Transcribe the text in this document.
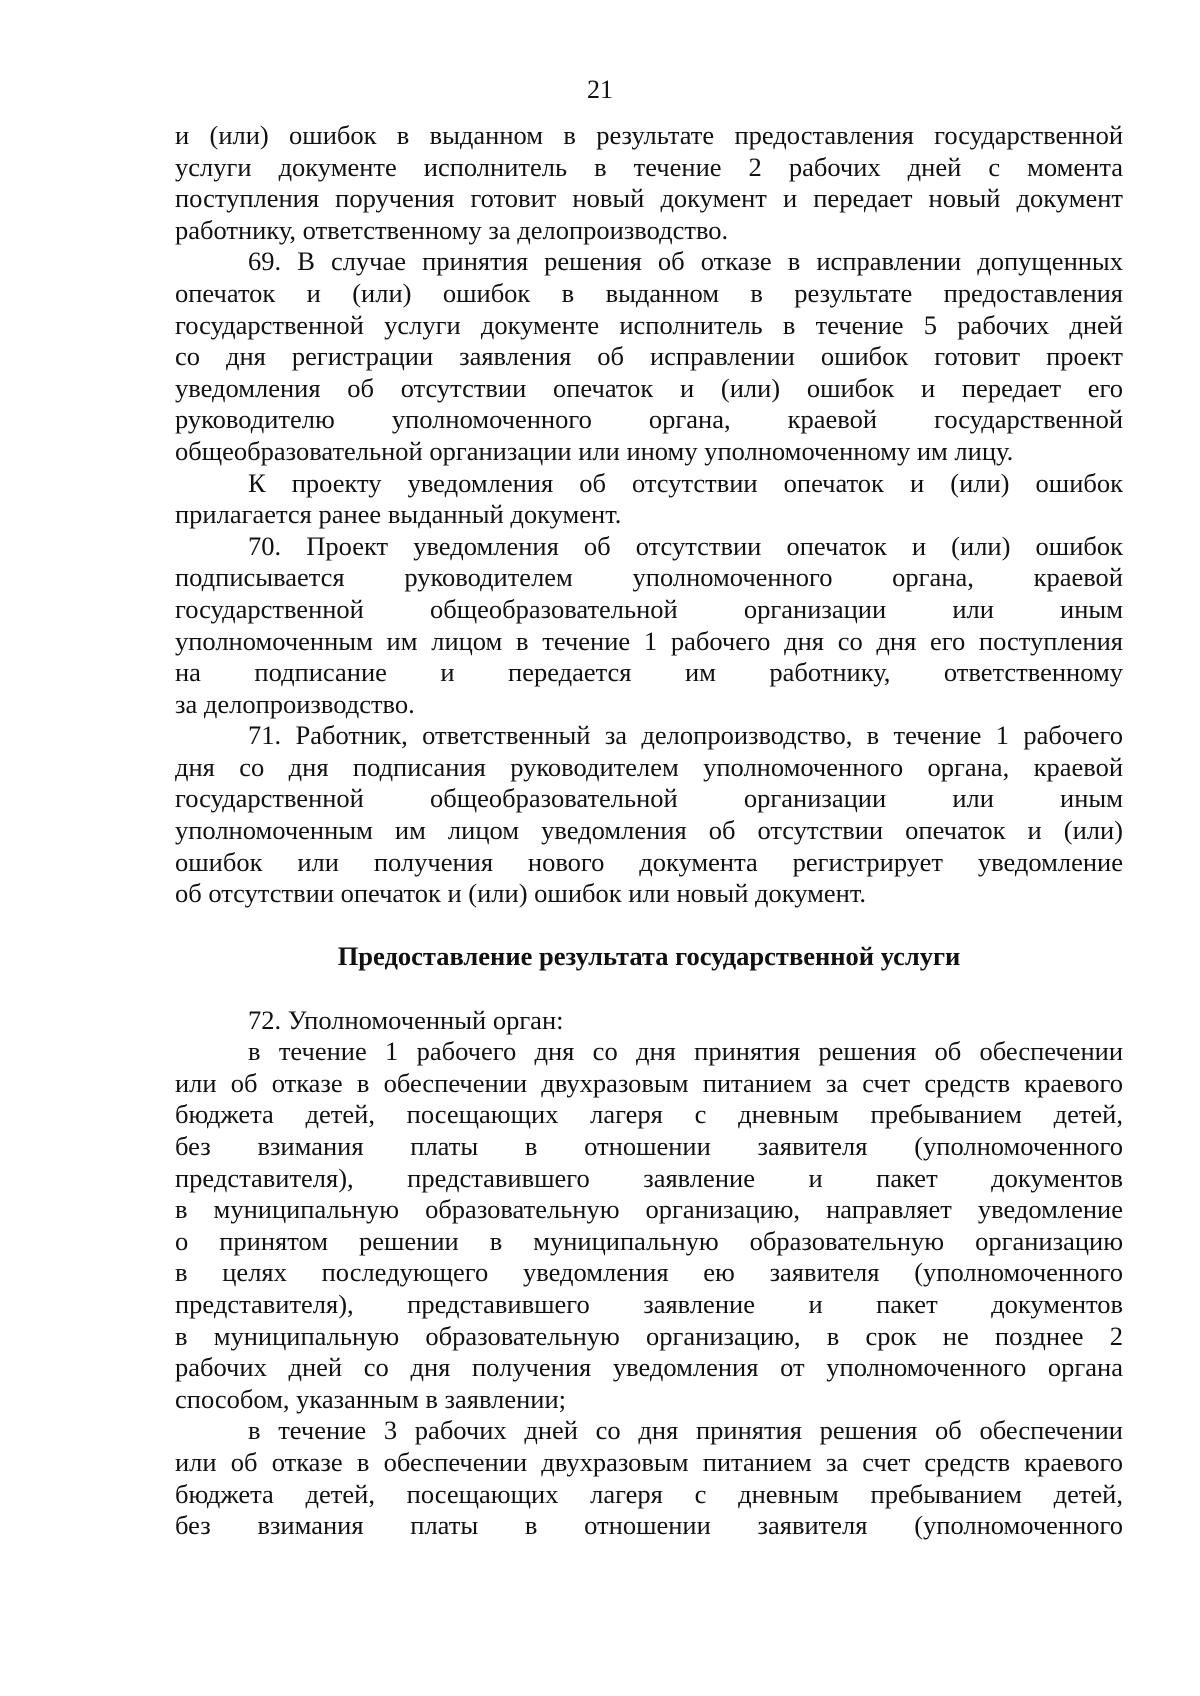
21
и (или) ошибок в выданном в результате предоставления государственной
услуги документе исполнитель в течение 2 рабочих дней с момента
поступления поручения готовит новый документ и передает новый документ
работнику, ответственному за делопроизводство.
69. В случае принятия решения об отказе в исправлении допущенных
опечаток и (или) ошибок в выданном в результате предоставления
государственной услуги документе исполнитель в течение 5 рабочих дней
со дня регистрации заявления об исправлении ошибок готовит проект
уведомления об отсутствии опечаток и (или) ошибок и передает его
руководителю уполномоченного органа, краевой государственной
общеобразовательной организации или иному уполномоченному им лицу.
К проекту уведомления об отсутствии опечаток и (или) ошибок
прилагается ранее выданный документ.
70. Проект уведомления об отсутствии опечаток и (или) ошибок
подписывается руководителем уполномоченного органа, краевой
государственной общеобразовательной организации или иным
уполномоченным им лицом в течение 1 рабочего дня со дня его поступления
на подписание и передается им работнику, ответственному
за делопроизводство.
71. Работник, ответственный за делопроизводство, в течение 1 рабочего
дня со дня подписания руководителем уполномоченного органа, краевой
государственной общеобразовательной организации или иным
уполномоченным им лицом уведомления об отсутствии опечаток и (или)
ошибок или получения нового документа регистрирует уведомление
об отсутствии опечаток и (или) ошибок или новый документ.
Предоставление результата государственной услуги
72. Уполномоченный орган:
в течение 1 рабочего дня со дня принятия решения об обеспечении
или об отказе в обеспечении двухразовым питанием за счет средств краевого
бюджета детей, посещающих лагеря с дневным пребыванием детей,
без взимания платы в отношении заявителя (уполномоченного
представителя), представившего заявление и пакет документов
в муниципальную образовательную организацию, направляет уведомление
о принятом решении в муниципальную образовательную организацию
в целях последующего уведомления ею заявителя (уполномоченного
представителя), представившего заявление и пакет документов
в муниципальную образовательную организацию, в срок не позднее 2
рабочих дней со дня получения уведомления от уполномоченного органа
способом, указанным в заявлении;
в течение 3 рабочих дней со дня принятия решения об обеспечении
или об отказе в обеспечении двухразовым питанием за счет средств краевого
бюджета детей, посещающих лагеря с дневным пребыванием детей,
без взимания платы в отношении заявителя (уполномоченного
